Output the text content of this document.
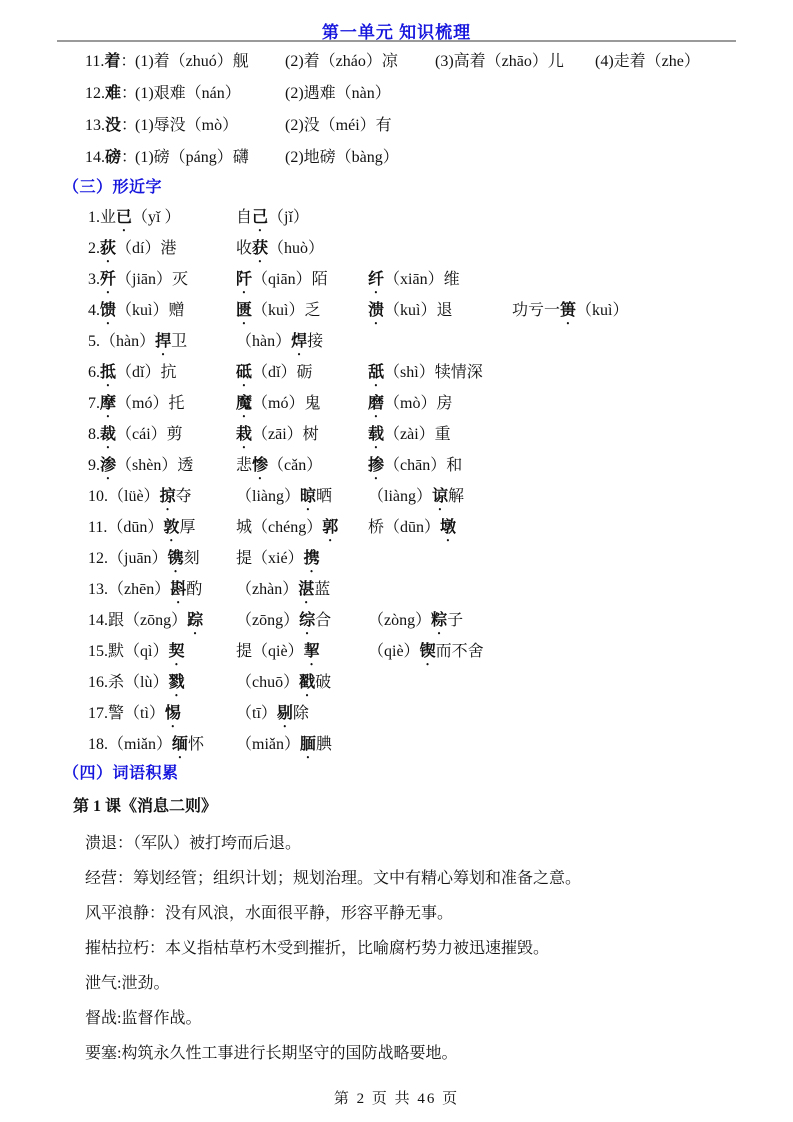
第一单元 知识梳理
11.着：
(1)着（zhuó）舰 (2)着（zháo）凉 (3)高着（zhāo）儿 (4)走着（zhe）
12.难：
(1)艰难（nán）	(2)遇难（nàn）
13.没：
(1)辱没（mò）	(2)没（méi）有
14.磅：
(1)磅（páng）礴 (2)地磅（bàng）
（三）形近字
1.业已（yǐ ）	自己（jǐ）
2.荻（dí）港	收获（huò）
3.歼（jiān）灭	阡（qiān）陌	纤（xiān）维
4.馈（kuì）赠	匮（kuì）乏	溃（kuì）退	功亏一篑（kuì）
5.（hàn）捍卫	（hàn）焊接
6.抵（dǐ）抗	砥（dǐ）砺	舐（shì）犊情深
7.摩（mó）托	魔（mó）鬼	磨（mò）房
8.裁（cái）剪	栽（zāi）树	载（zài）重
9.渗（shèn）透	悲惨（cǎn）	掺（chān）和
10.（lüè）掠夺	（liàng）晾晒 （liàng）谅解
11.（dūn）敦厚	城（chéng）郭 桥（dūn）墩
12.（juān）镌刻 提（xié）携
13.（zhēn）斟酌 （zhàn）湛蓝
14.跟（zōng）踪 （zōng）综合 （zòng）粽子
15.默（qì）契	提（qiè）挈	（qiè）锲而不舍
16.杀（lù）戮	（chuō）戳破
17.警（tì）惕	（tī）剔除
18.（miǎn）缅怀 （miǎn）腼腆
（四）词语积累
第 1 课《消息二则》
溃退：（军队）被打垮而后退。
经营：筹划经管；组织计划；规划治理。文中有精心筹划和准备之意。
风平浪静：没有风浪，水面很平静，形容平静无事。
摧枯拉朽：本义指枯草朽木受到摧折，比喻腐朽势力被迅速摧毁。
泄气:泄劲。
督战:监督作战。
要塞:构筑永久性工事进行长期坚守的国防战略要地。
第 2 页 共 46 页
